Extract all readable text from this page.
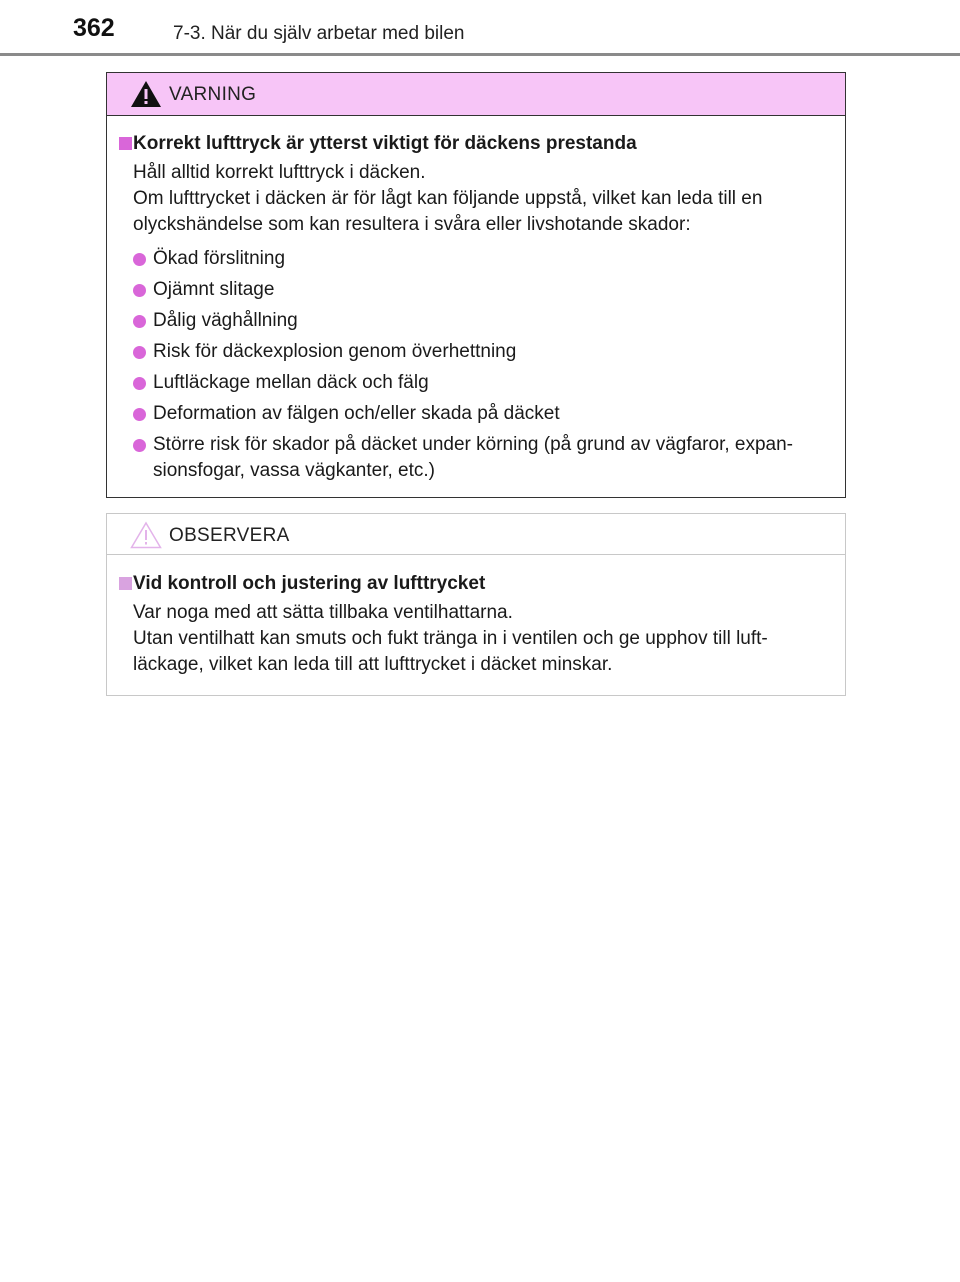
362	7-3. När du själv arbetar med bilen
VARNING
Korrekt lufttryck är ytterst viktigt för däckens prestanda

Håll alltid korrekt lufttryck i däcken.

Om lufttrycket i däcken är för lågt kan följande uppstå, vilket kan leda till en olyckshändelse som kan resultera i svåra eller livshotande skador:

Ökad förslitning
Ojämnt slitage
Dålig väghållning
Risk för däckexplosion genom överhettning
Luftläckage mellan däck och fälg
Deformation av fälgen och/eller skada på däcket
Större risk för skador på däcket under körning (på grund av vägfaror, expan-sionsfogar, vassa vägkanter, etc.)
OBSERVERA
Vid kontroll och justering av lufttrycket

Var noga med att sätta tillbaka ventilhattarna.

Utan ventilhatt kan smuts och fukt tränga in i ventilen och ge upphov till luft-läckage, vilket kan leda till att lufttrycket i däcket minskar.
